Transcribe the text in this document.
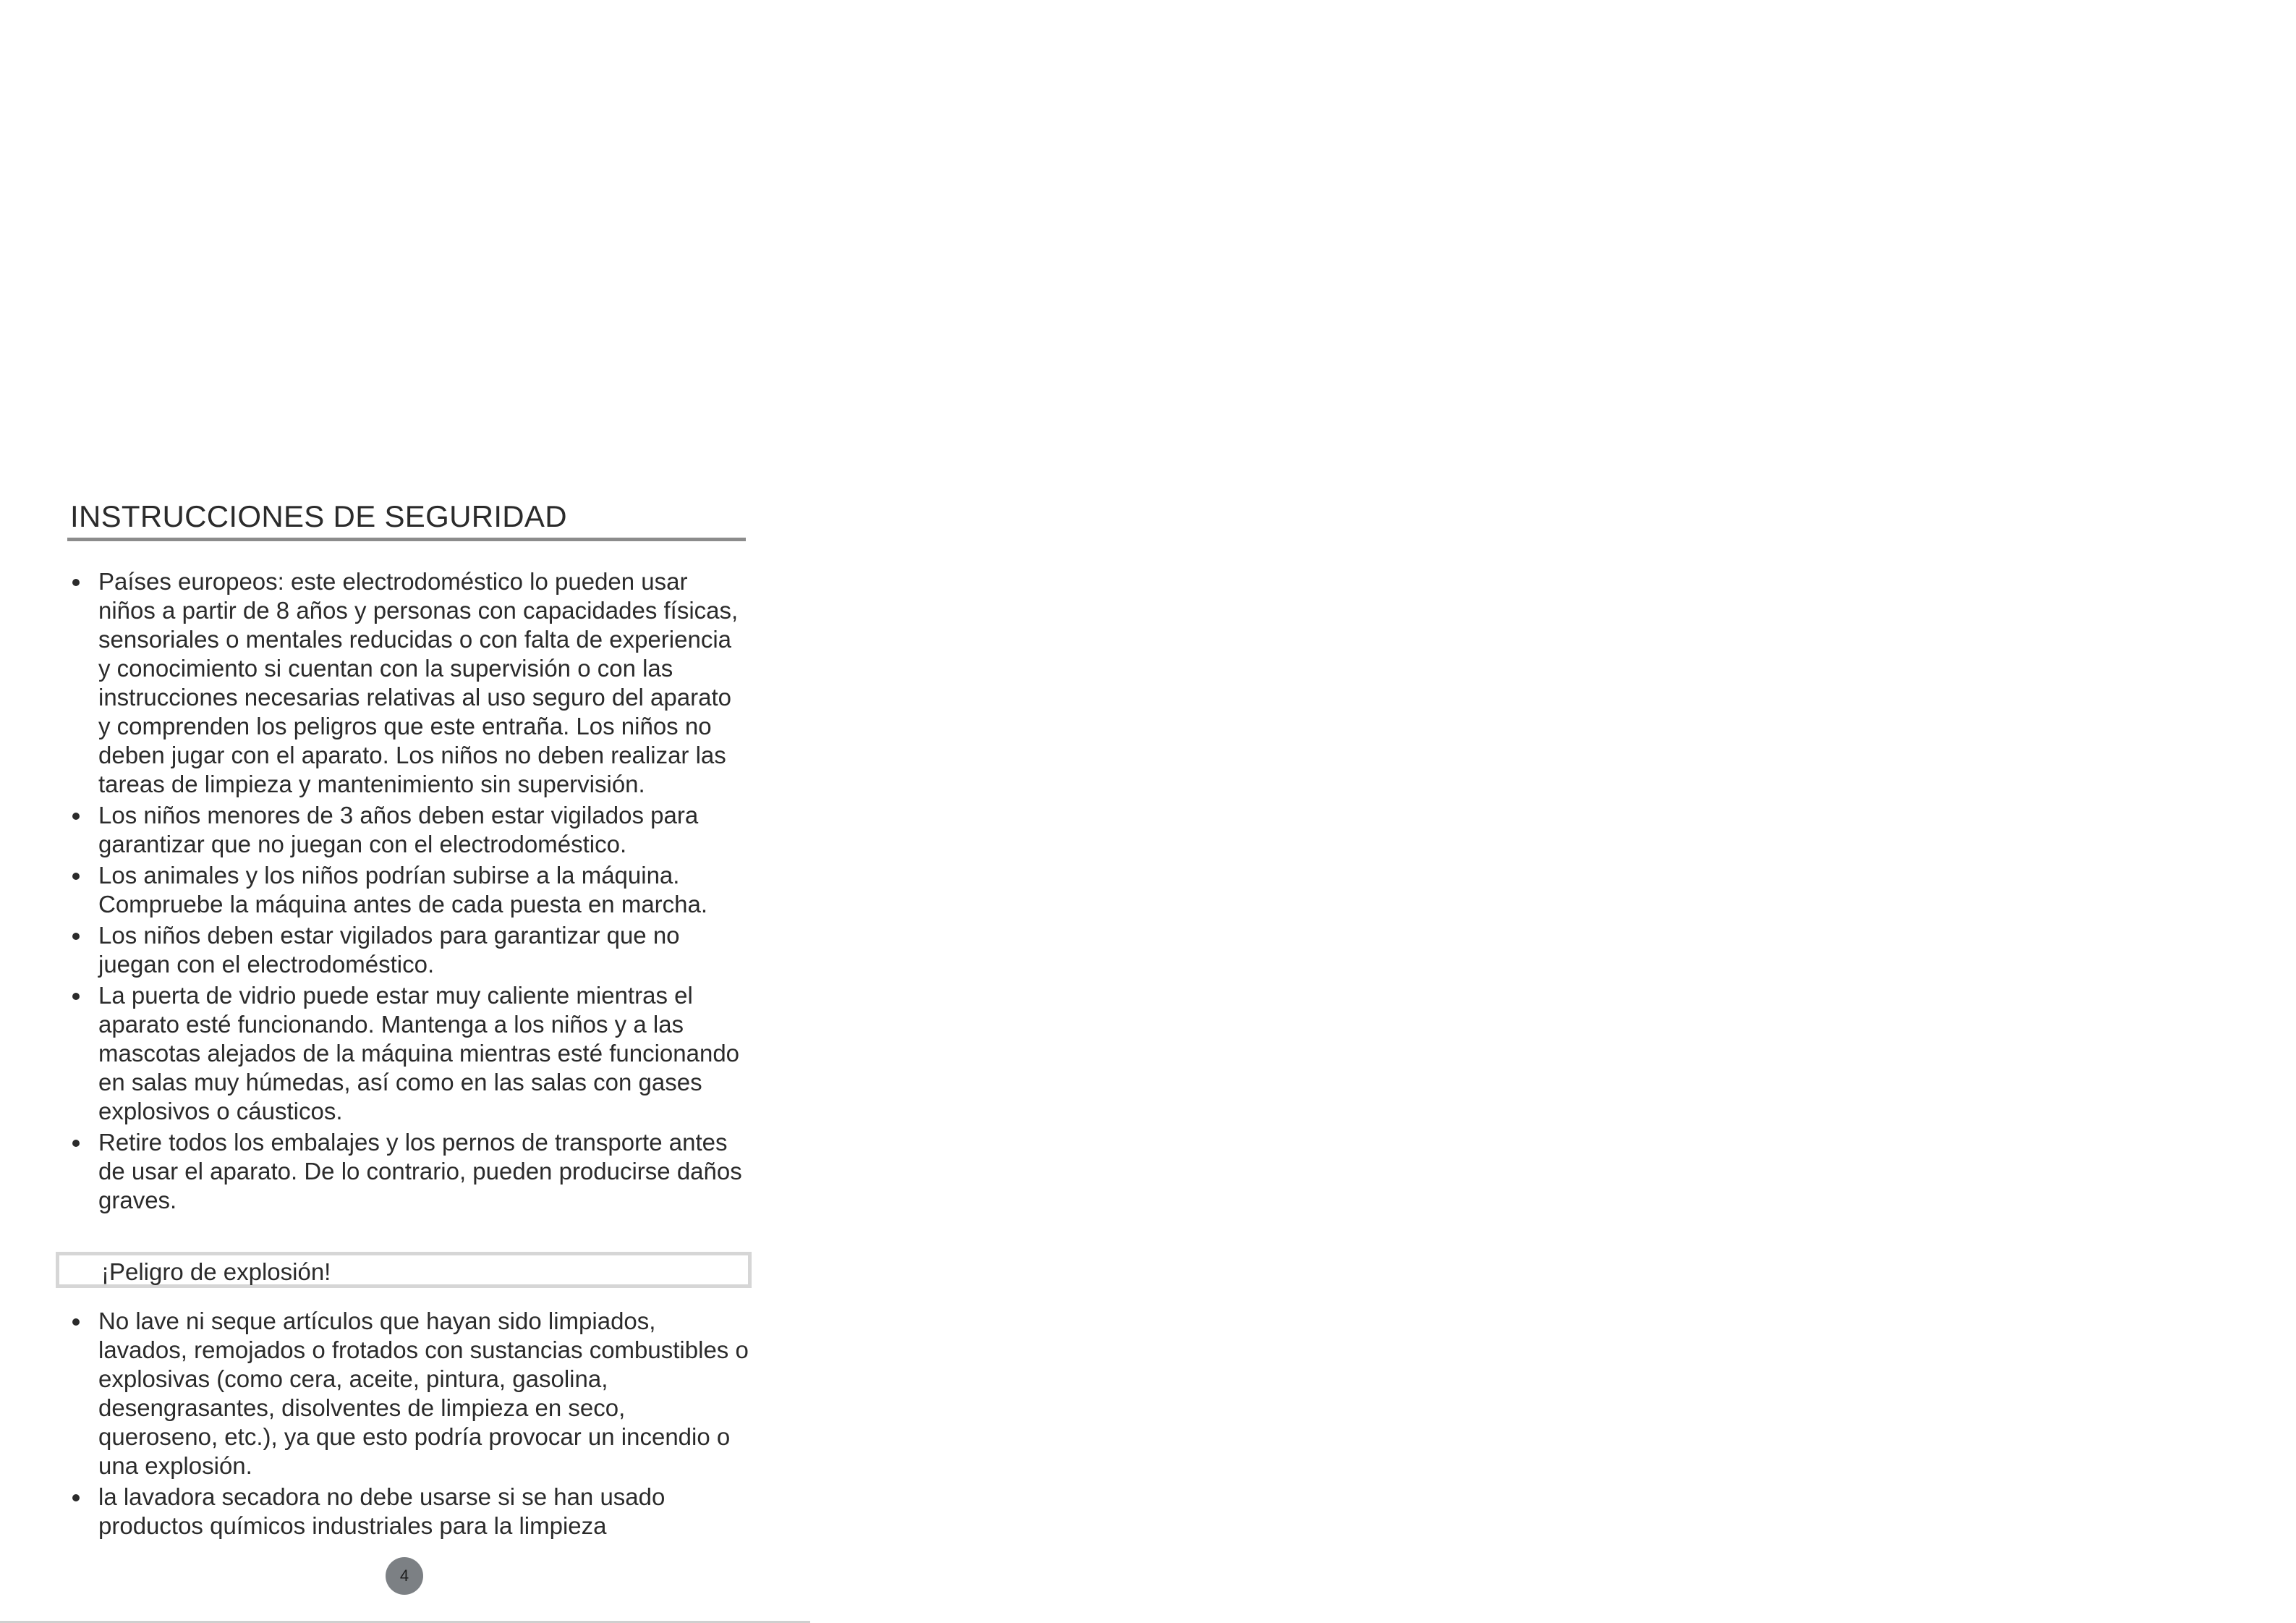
INSTRUCCIONES DE SEGURIDAD
Países europeos: este electrodoméstico lo pueden usar niños a partir de 8 años y personas con capacidades físicas, sensoriales o mentales reducidas o con falta de experiencia y conocimiento si cuentan con la supervisión o con las instrucciones necesarias relativas al uso seguro del aparato y comprenden los peligros que este entraña. Los niños no deben jugar con el aparato. Los niños no deben realizar las tareas de limpieza y mantenimiento sin supervisión.
Los niños menores de 3 años deben estar vigilados para garantizar que no juegan con el electrodoméstico.
Los animales y los niños podrían subirse a la máquina. Compruebe la máquina antes de cada puesta en marcha.
Los niños deben estar vigilados para garantizar que no juegan con el electrodoméstico.
La puerta de vidrio puede estar muy caliente mientras el aparato esté funcionando. Mantenga a los niños y a las mascotas alejados de la máquina mientras esté funcionando en salas muy húmedas, así como en las salas con gases explosivos o cáusticos.
Retire todos los embalajes y los pernos de transporte antes de usar el aparato. De lo contrario, pueden producirse daños graves.
¡Peligro de explosión!
No lave ni seque artículos que hayan sido limpiados, lavados, remojados o frotados con sustancias combustibles o explosivas (como cera, aceite, pintura, gasolina, desengrasantes, disolventes de limpieza en seco, queroseno, etc.), ya que esto podría provocar un incendio o una explosión.
la lavadora secadora no debe usarse si se han usado productos químicos industriales para la limpieza
4
